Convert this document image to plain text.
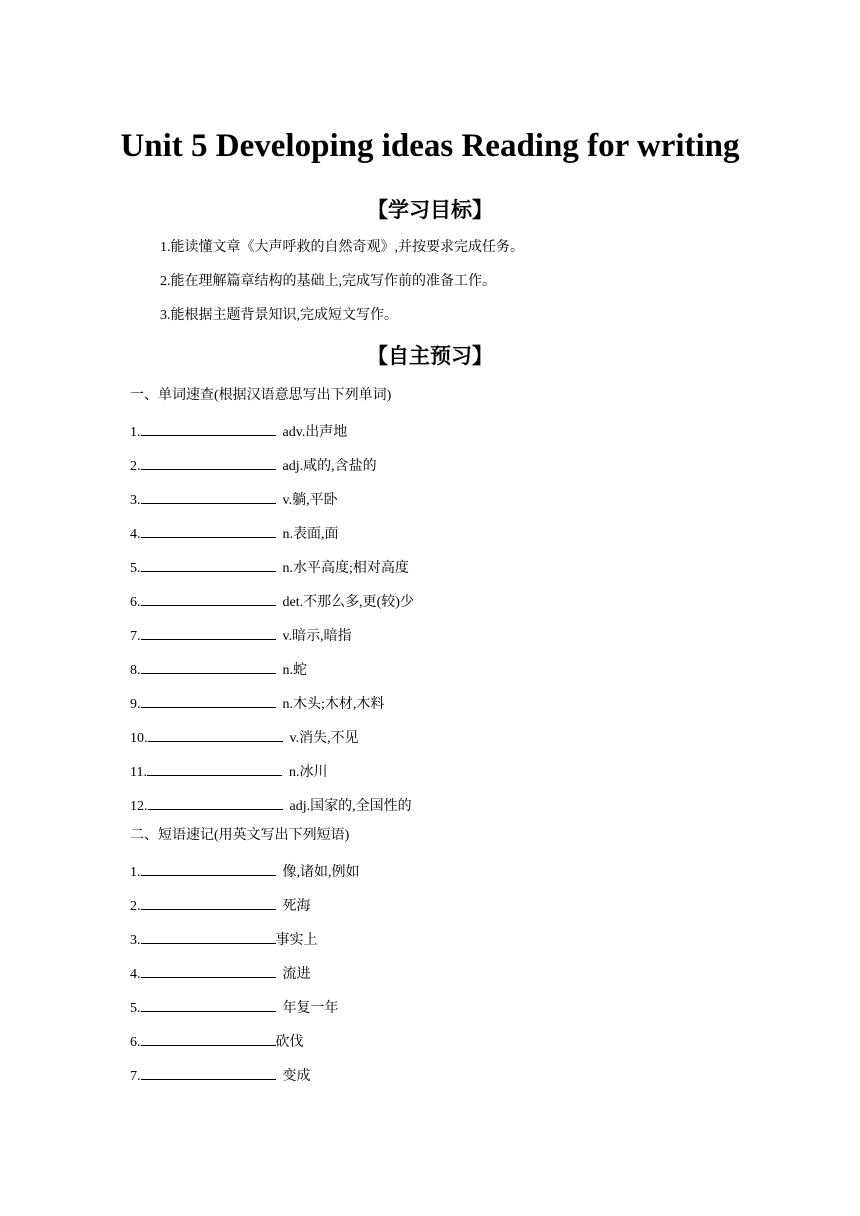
Unit 5 Developing ideas Reading for writing
【学习目标】
1.能读懂文章《大声呼救的自然奇观》,并按要求完成任务。
2.能在理解篇章结构的基础上,完成写作前的准备工作。
3.能根据主题背景知识,完成短文写作。
【自主预习】
一、单词速查(根据汉语意思写出下列单词)
1.	adv.出声地
2.	adj.咸的,含盐的
3.	v.躺,平卧
4.	n.表面,面
5.	n.水平高度;相对高度
6.	det.不那么多,更(较)少
7.	v.暗示,暗指
8.	n.蛇
9.	n.木头;木材,木料
10.	v.消失,不见
11.	n.冰川
12.	adj.国家的,全国性的
二、短语速记(用英文写出下列短语)
1.	像,诸如,例如
2.	死海
3.	事实上
4.	流进
5.	年复一年
6.	砍伐
7.	变成
